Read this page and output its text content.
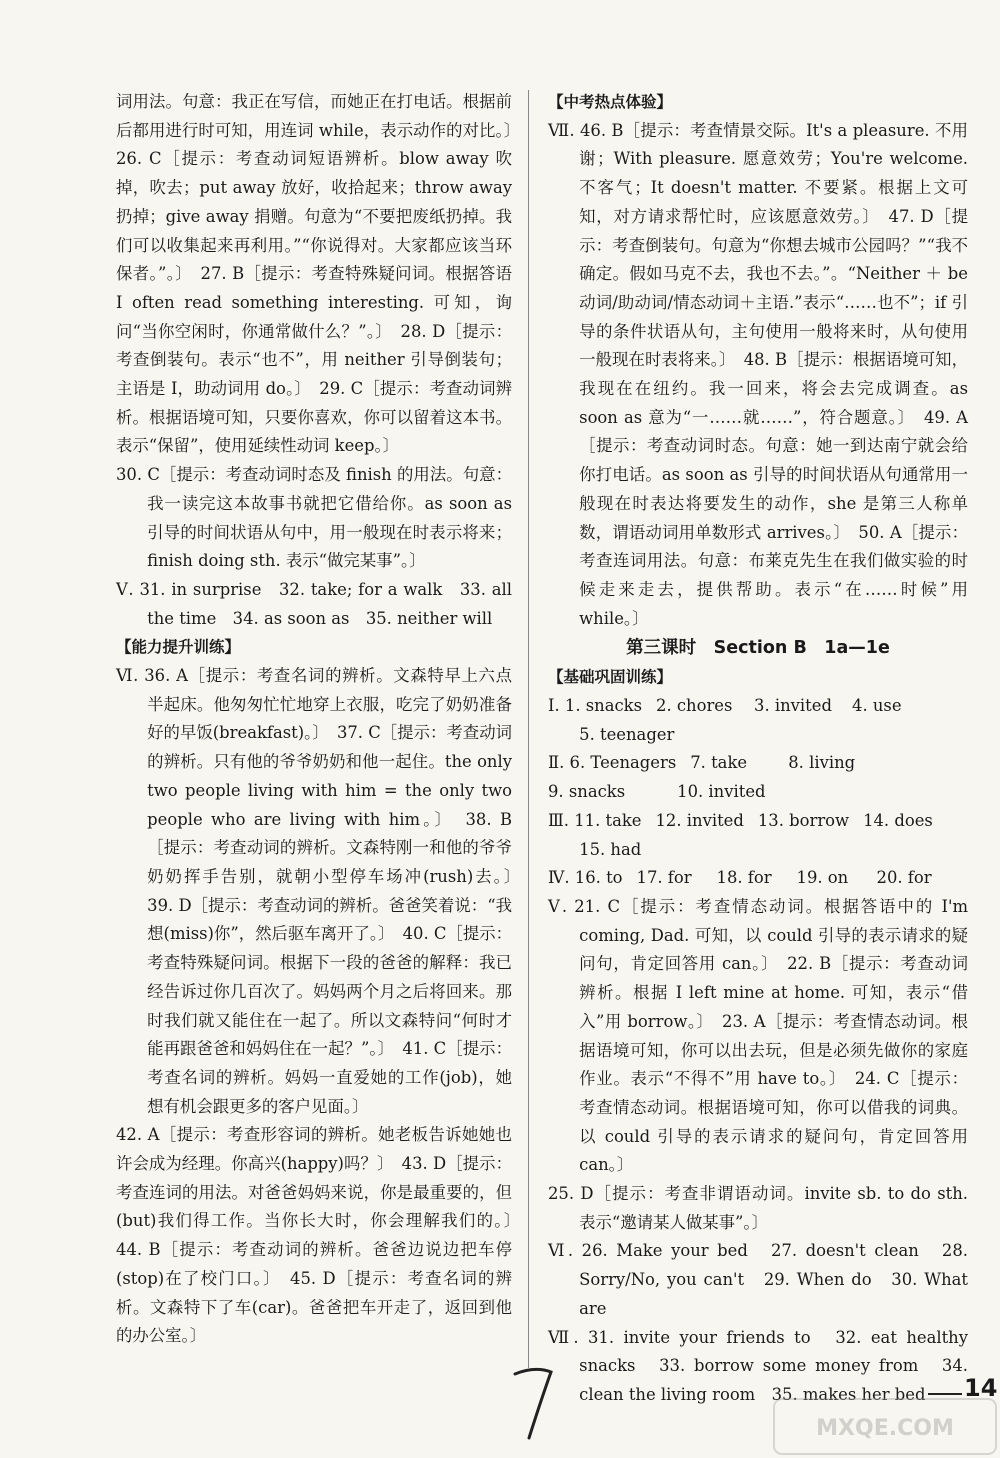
词用法。句意：我正在写信，而她正在打电话。根据前后都用进行时可知，用连词 while，表示动作的对比。〕　26. C［提示：考查动词短语辨析。blow away 吹掉，吹去；put away 放好，收拾起来；throw away 扔掉；give away 捐赠。句意为“不要把废纸扔掉。我们可以收集起来再利用。”“你说得对。大家都应该当环保者。”。〕　27. B［提示：考查特殊疑问词。根据答语 I often read something interesting. 可知，询问“当你空闲时，你通常做什么？”。〕　28. D［提示：考查倒装句。表示“也不”，用 neither 引导倒装句；主语是 I，助动词用 do。〕　29. C［提示：考查动词辨析。根据语境可知，只要你喜欢，你可以留着这本书。表示“保留”，使用延续性动词 keep。〕

30. C［提示：考查动词时态及 finish 的用法。句意：我一读完这本故事书就把它借给你。as soon as 引导的时间状语从句中，用一般现在时表示将来；finish doing sth. 表示“做完某事”。〕

Ⅴ. 31. in surprise　32. take; for a walk　33. all the time　34. as soon as　35. neither will

【能力提升训练】

Ⅵ. 36. A［提示：考查名词的辨析。文森特早上六点半起床。他匆匆忙忙地穿上衣服，吃完了奶奶准备好的早饭(breakfast)。〕　37. C［提示：考查动词的辨析。只有他的爷爷奶奶和他一起住。the only two people living with him = the only two people who are living with him。〕　38. B［提示：考查动词的辨析。文森特刚一和他的爷爷奶奶挥手告别，就朝小型停车场冲(rush)去。〕　39. D［提示：考查动词的辨析。爸爸笑着说：“我想(miss)你”，然后驱车离开了。〕　40. C［提示：考查特殊疑问词。根据下一段的爸爸的解释：我已经告诉过你几百次了。妈妈两个月之后将回来。那时我们就又能住在一起了。所以文森特问“何时才能再跟爸爸和妈妈住在一起？”。〕　41. C［提示：考查名词的辨析。妈妈一直爱她的工作(job)，她想有机会跟更多的客户见面。〕

42. A［提示：考查形容词的辨析。她老板告诉她她也许会成为经理。你高兴(happy)吗？〕　43. D［提示：考查连词的用法。对爸爸妈妈来说，你是最重要的，但(but)我们得工作。当你长大时，你会理解我们的。〕　44. B［提示：考查动词的辨析。爸爸边说边把车停(stop)在了校门口。〕　45. D［提示：考查名词的辨析。文森特下了车(car)。爸爸把车开走了，返回到他的办公室。〕

【中考热点体验】

Ⅶ. 46. B［提示：考查情景交际。It's a pleasure. 不用谢；With pleasure. 愿意效劳；You're welcome. 不客气；It doesn't matter. 不要紧。根据上文可知，对方请求帮忙时，应该愿意效劳。〕　47. D［提示：考查倒装句。句意为“你想去城市公园吗？”“我不确定。假如马克不去，我也不去。”。“Neither ＋ be 动词/助动词/情态动词＋主语.”表示“……也不”；if 引导的条件状语从句，主句使用一般将来时，从句使用一般现在时表将来。〕　48. B［提示：根据语境可知，我现在在纽约。我一回来，将会去完成调查。as soon as 意为“一……就……”，符合题意。〕　49. A［提示：考查动词时态。句意：她一到达南宁就会给你打电话。as soon as 引导的时间状语从句通常用一般现在时表达将要发生的动作，she 是第三人称单数，谓语动词用单数形式 arrives。〕　50. A［提示：考查连词用法。句意：布莱克先生在我们做实验的时候走来走去，提供帮助。表示“在……时候”用 while。〕

第三课时　Section B　1a—1e
【基础巩固训练】
Ⅰ. 1. snacks 2. chores	3. invited	4. use
5. teenager
Ⅱ. 6. Teenagers 7. take	8. living
9. snacks	10. invited
Ⅲ. 11. take 12. invited 13. borrow 14. does
15. had
Ⅳ. 16. to 17. for	18. for	19. on	20. for

Ⅴ. 21. C［提示：考查情态动词。根据答语中的 I'm coming, Dad. 可知，以 could 引导的表示请求的疑问句，肯定回答用 can。〕　22. B［提示：考查动词辨析。根据 I left mine at home. 可知，表示“借入”用 borrow。〕　23. A［提示：考查情态动词。根据语境可知，你可以出去玩，但是必须先做你的家庭作业。表示“不得不”用 have to。〕　24. C［提示：考查情态动词。根据语境可知，你可以借我的词典。以 could 引导的表示请求的疑问句，肯定回答用 can。〕

25. D［提示：考查非谓语动词。invite sb. to do sth. 表示“邀请某人做某事”。〕

Ⅵ. 26. Make your bed　27. doesn't clean　28. Sorry/No, you can't　29. When do　30. What are

Ⅶ. 31. invite your friends to　32. eat healthy snacks　33. borrow some money from　34. clean the living room　35. makes her bed	14
MXQE.COM
